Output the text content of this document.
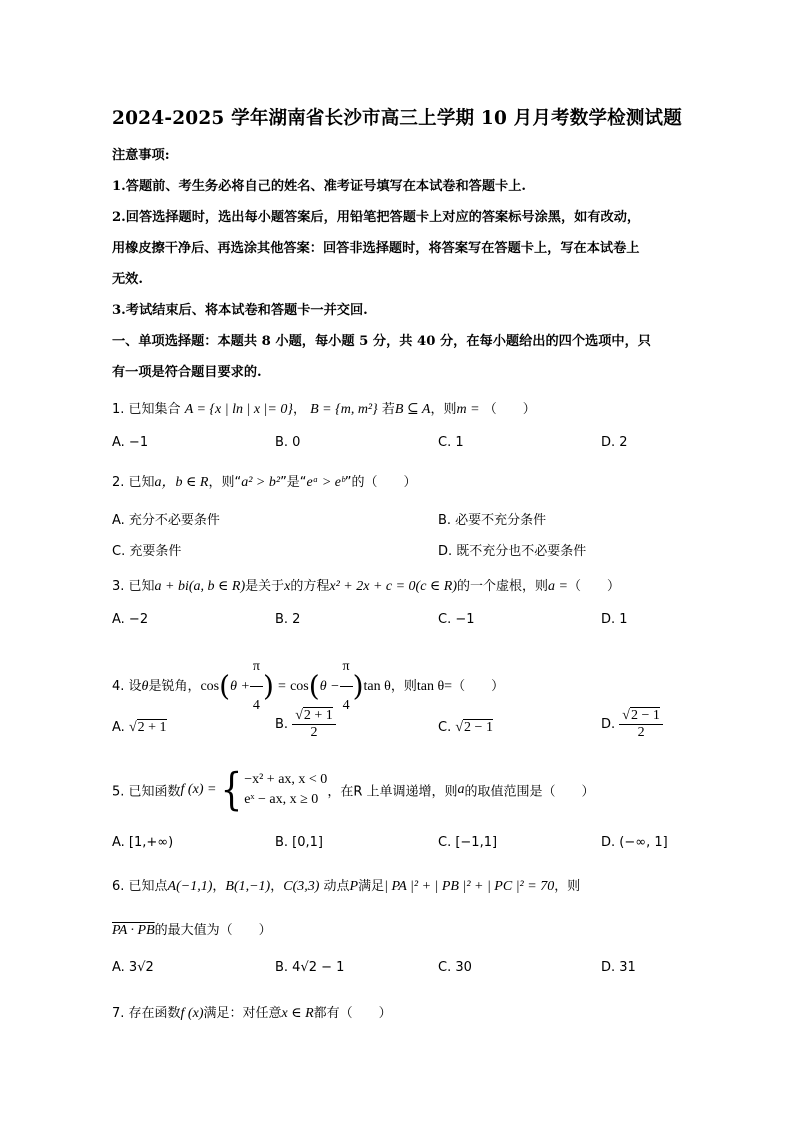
2024-2025 学年湖南省长沙市高三上学期 10 月月考数学检测试题
注意事项:
1.答题前、考生务必将自己的姓名、准考证号填写在本试卷和答题卡上.
2.回答选择题时，选出每小题答案后，用铅笔把答题卡上对应的答案标号涂黑，如有改动，
用橡皮擦干净后、再选涂其他答案：回答非选择题时，将答案写在答题卡上，写在本试卷上
无效.
3.考试结束后、将本试卷和答题卡一并交回.
一、单项选择题：本题共 8 小题，每小题 5 分，共 40 分，在每小题给出的四个选项中，只
有一项是符合题目要求的.
1. 已知集合 A = {x | ln | x |= 0}， B = {m, m²} 若B ⊆ A，则m = （　　）
A. −1	B. 0	C. 1	D. 2
2. 已知a，b ∈ R，则“a² > b²”是“eᵃ > eᵇ”的（　　）
A. 充分不必要条件	B. 必要不充分条件
C. 充要条件	D. 既不充分也不必要条件
3. 已知a + bi(a, b ∈ R)是关于x的方程x² + 2x + c = 0(c ∈ R)的一个虚根，则a =（　　）
A. −2	B. 2	C. −1	D. 1
4. 设θ是锐角，$\cos(\theta + \frac{\pi}{4}$ ) = $\cos(\theta - \frac{\pi}{4} )\tan$ θ，则tan θ=（　　）
A. √2 + 1	B. $\frac{√2 + 1}{2}$	C. √2 − 1	D. $\frac{√2 - 1}{2}$
5. 已知函数f (x) = { −x² + ax, x < 0
eˣ − ax, x ≥ 0 ，在R 上单调递增，则a的取值范围是（　　）
A. [1,+∞)	B. [0,1]	C. [−1,1]	D. (−∞, 1]
6. 已知点A(−1,1)，B(1,−1)，C(3,3) 动点P满足| PA |² + | PB |² + | PC |² = 70，则
PA · PB的最大值为（　　）
A. 3√2	B. 4√2 − 1	C. 30	D. 31
7. 存在函数f (x)满足：对任意x ∈ R都有（　　）
